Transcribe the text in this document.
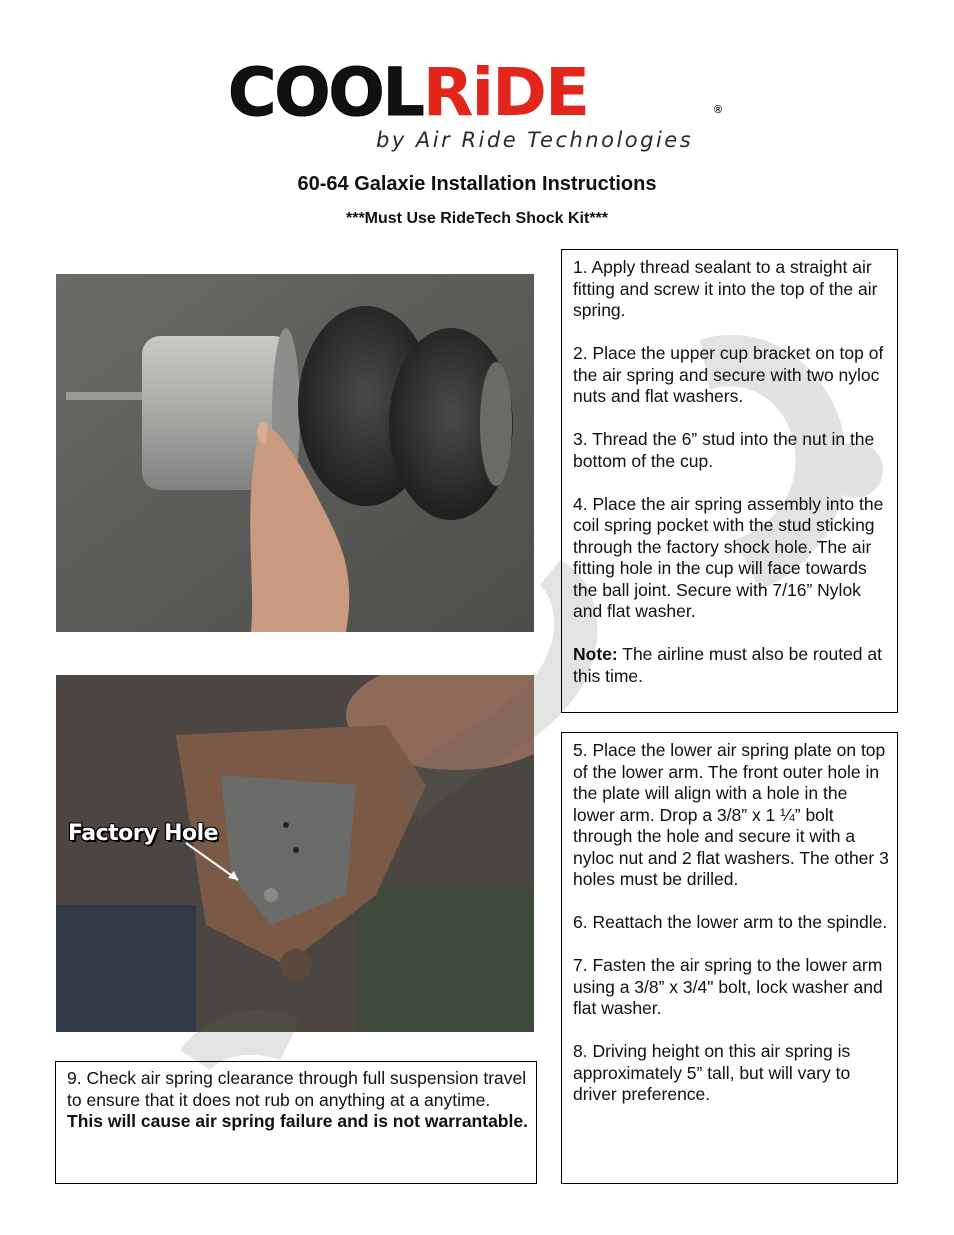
COOLRiDE	®
by Air Ride Technologies
60-64 Galaxie Installation Instructions
***Must Use RideTech Shock Kit***
Factory Hole

1. Apply thread sealant to a straight air fitting and screw it into the top of the air spring.

2. Place the upper cup bracket on top of the air spring and secure with two nyloc nuts and flat washers.

3. Thread the 6” stud into the nut in the bottom of the cup.

4. Place the air spring assembly into the coil spring pocket with the stud sticking through the factory shock hole. The air fitting hole in the cup will face towards the ball joint. Secure with 7/16” Nylok and flat washer.

Note: The airline must also be routed at this time.

5. Place the lower air spring plate on top of the lower arm. The front outer hole in the plate will align with a hole in the lower arm. Drop a 3/8” x 1 ¼” bolt through the hole and secure it with a nyloc nut and 2 flat washers. The other 3 holes must be drilled.

6. Reattach the lower arm to the spindle.

7. Fasten the air spring to the lower arm using a 3/8” x 3/4" bolt, lock washer and flat washer.

8. Driving height on this air spring is approximately 5” tall, but will vary to driver preference.

9. Check air spring clearance through full suspension travel to ensure that it does not rub on anything at a anytime. This will cause air spring failure and is not warrantable.
